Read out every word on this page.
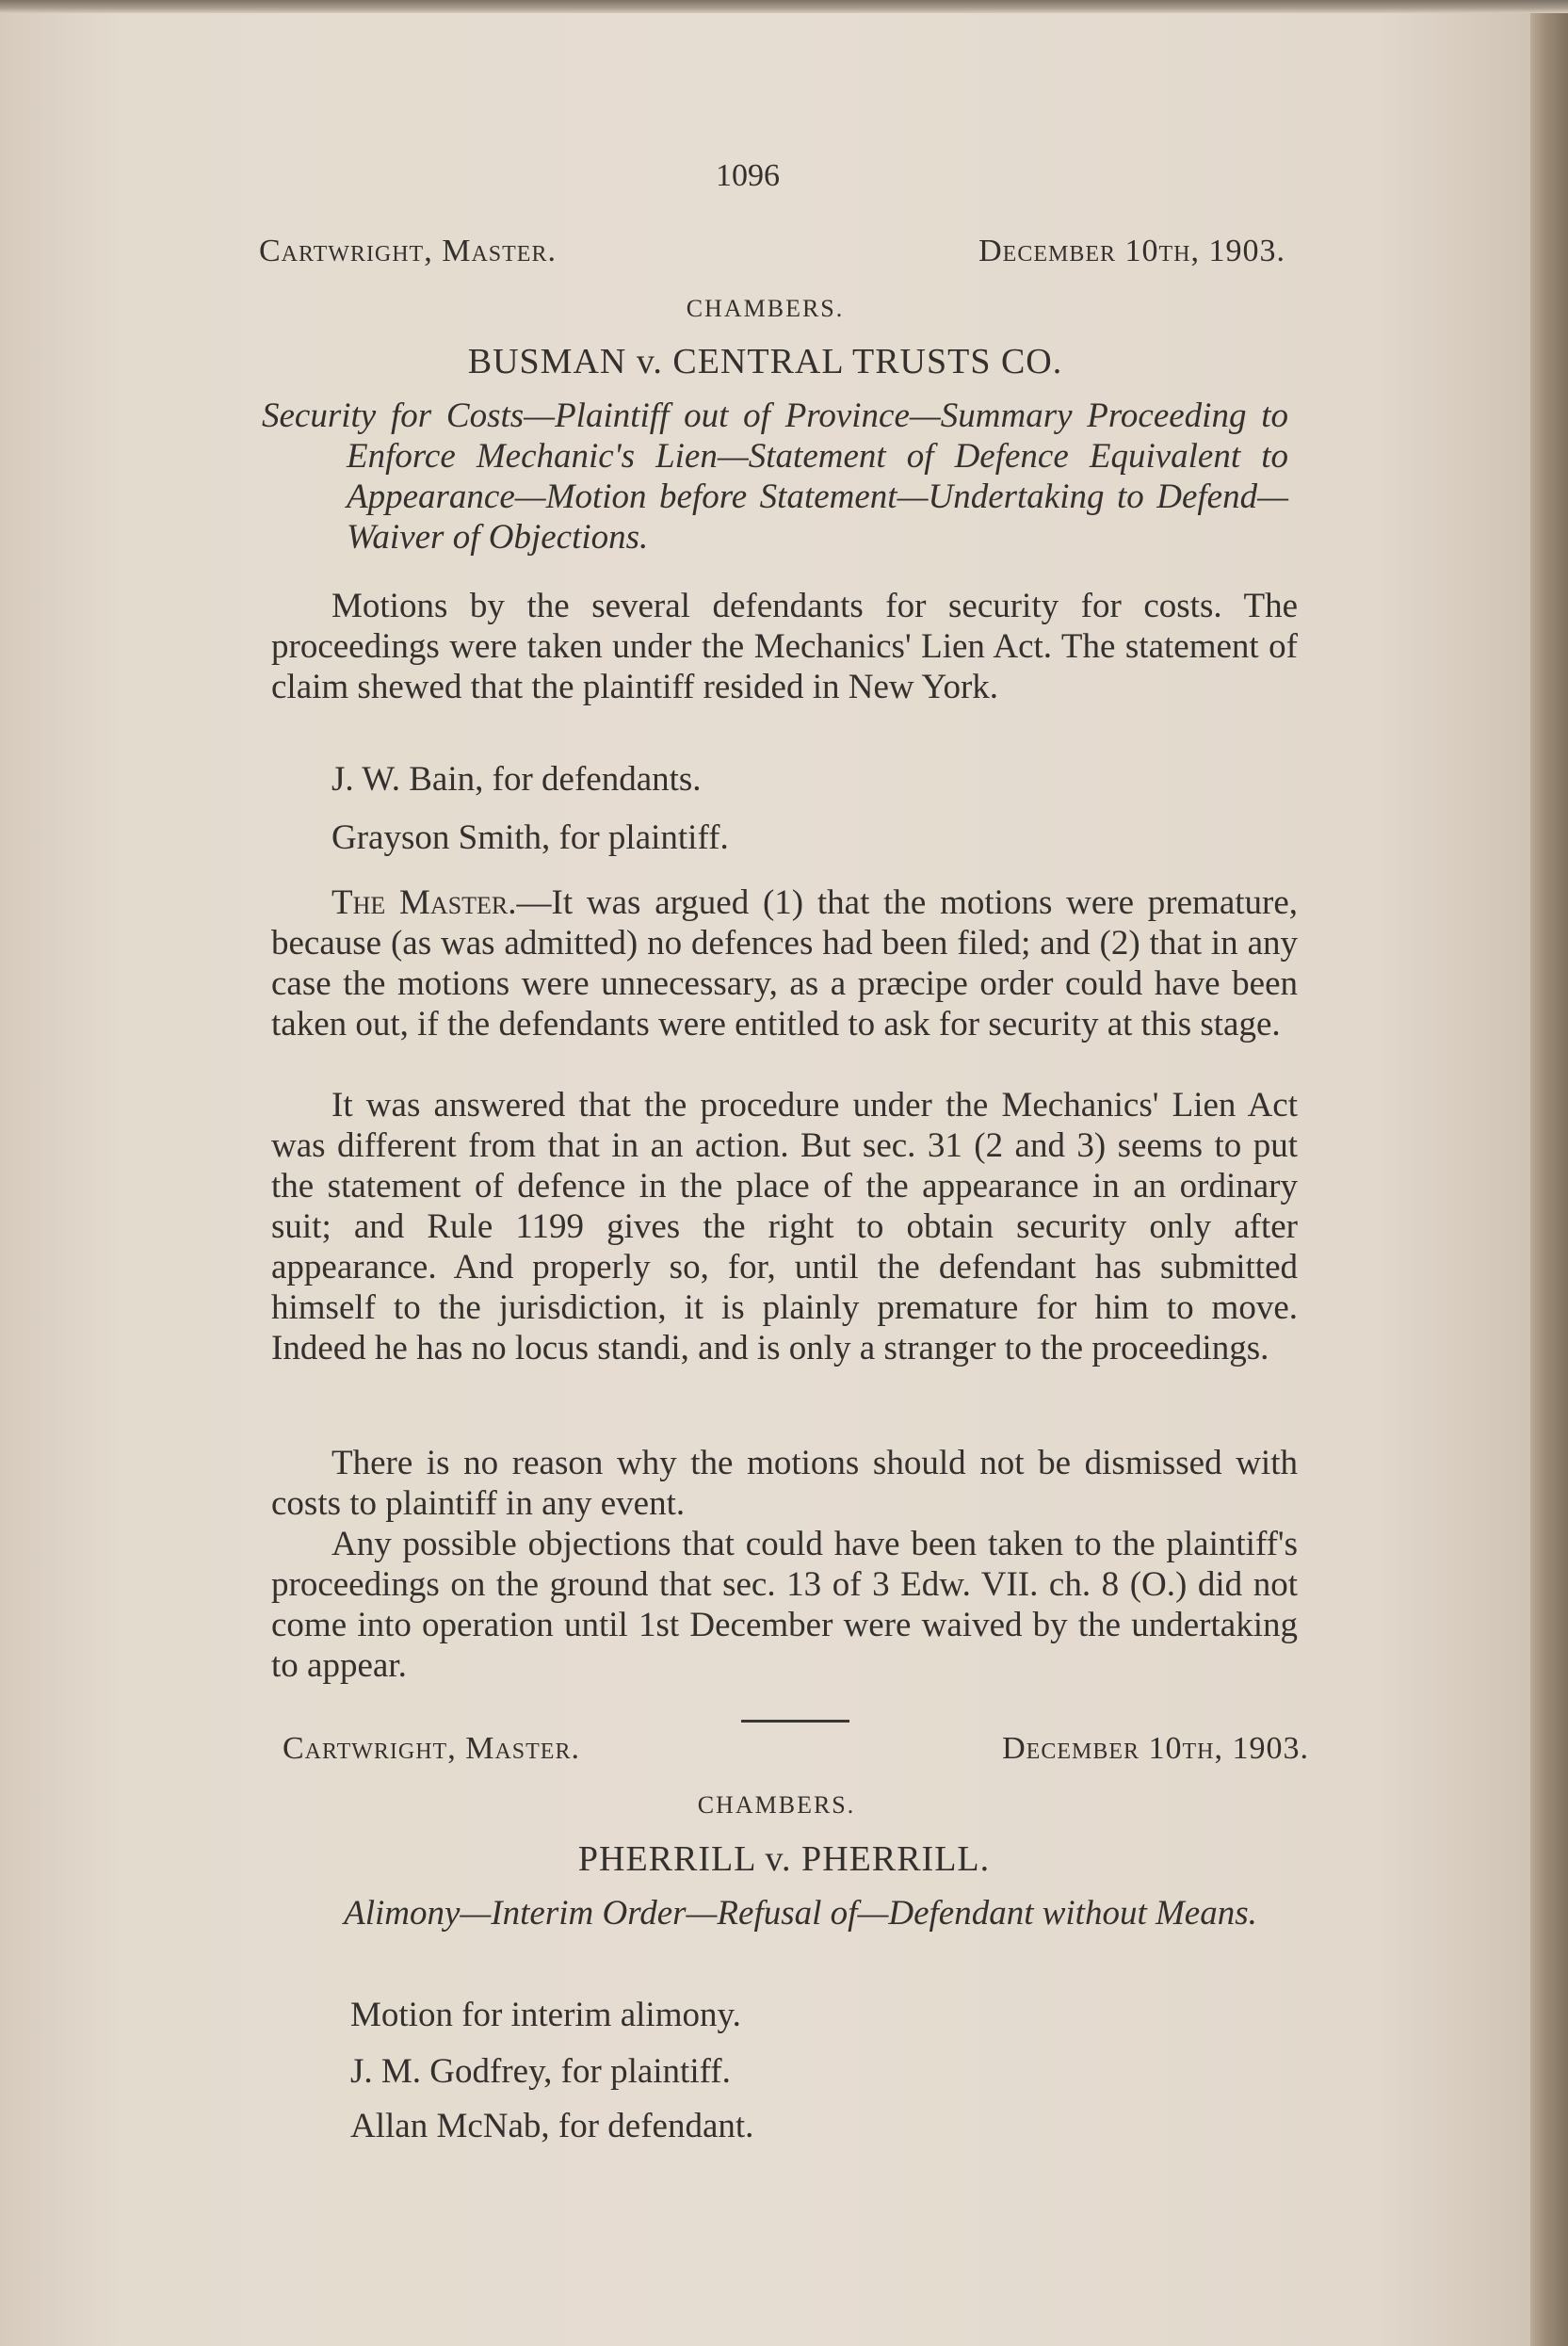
1096

Cartwright, Master.	December 10th, 1903.

CHAMBERS.

BUSMAN v. CENTRAL TRUSTS CO.

Security for Costs—Plaintiff out of Province—Summary Proceeding to Enforce Mechanic's Lien—Statement of Defence Equivalent to Appearance—Motion before Statement—Undertaking to Defend—Waiver of Objections.

Motions by the several defendants for security for costs. The proceedings were taken under the Mechanics' Lien Act. The statement of claim shewed that the plaintiff resided in New York.

J. W. Bain, for defendants.

Grayson Smith, for plaintiff.

The Master.—It was argued (1) that the motions were premature, because (as was admitted) no defences had been filed; and (2) that in any case the motions were unnecessary, as a præcipe order could have been taken out, if the defendants were entitled to ask for security at this stage.

It was answered that the procedure under the Mechanics' Lien Act was different from that in an action. But sec. 31 (2 and 3) seems to put the statement of defence in the place of the appearance in an ordinary suit; and Rule 1199 gives the right to obtain security only after appearance. And properly so, for, until the defendant has submitted himself to the jurisdiction, it is plainly premature for him to move. Indeed he has no locus standi, and is only a stranger to the proceedings.

There is no reason why the motions should not be dismissed with costs to plaintiff in any event.

Any possible objections that could have been taken to the plaintiff's proceedings on the ground that sec. 13 of 3 Edw. VII. ch. 8 (O.) did not come into operation until 1st December were waived by the undertaking to appear.

Cartwright, Master.	December 10th, 1903.

CHAMBERS.

PHERRILL v. PHERRILL.

Alimony—Interim Order—Refusal of—Defendant without Means.

Motion for interim alimony.

J. M. Godfrey, for plaintiff.

Allan McNab, for defendant.
